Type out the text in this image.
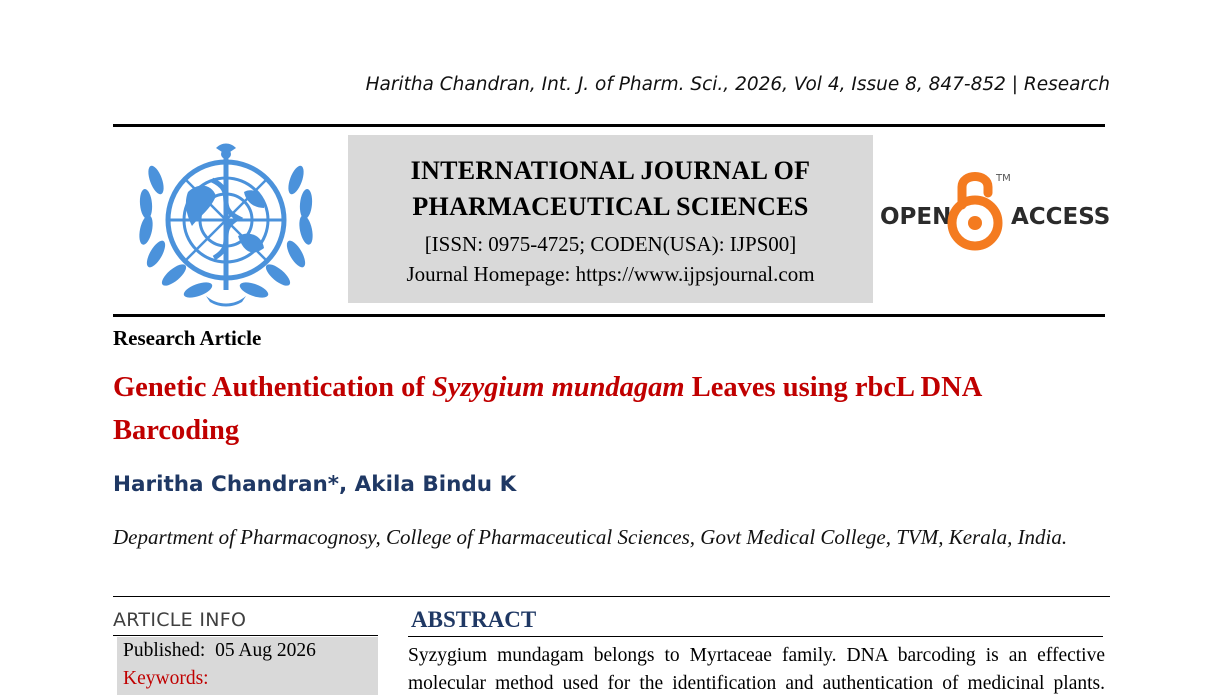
Haritha Chandran, Int. J. of Pharm. Sci., 2026, Vol 4, Issue 8, 847-852 | Research
INTERNATIONAL JOURNAL OF
PHARMACEUTICAL SCIENCES
[ISSN: 0975-4725; CODEN(USA): IJPS00]
Journal Homepage: https://www.ijpsjournal.com
OPEN
TM
ACCESS
Research Article
Genetic Authentication of Syzygium mundagam Leaves using rbcL DNA Barcoding
Haritha Chandran*, Akila Bindu K
Department of Pharmacognosy, College of Pharmaceutical Sciences, Govt Medical College, TVM, Kerala, India.
ARTICLE INFO
Published: 05 Aug 2026
Keywords:
ABSTRACT
Syzygium mundagam belongs to Myrtaceae family. DNA barcoding is an effective
molecular method used for the identification and authentication of medicinal plants.
